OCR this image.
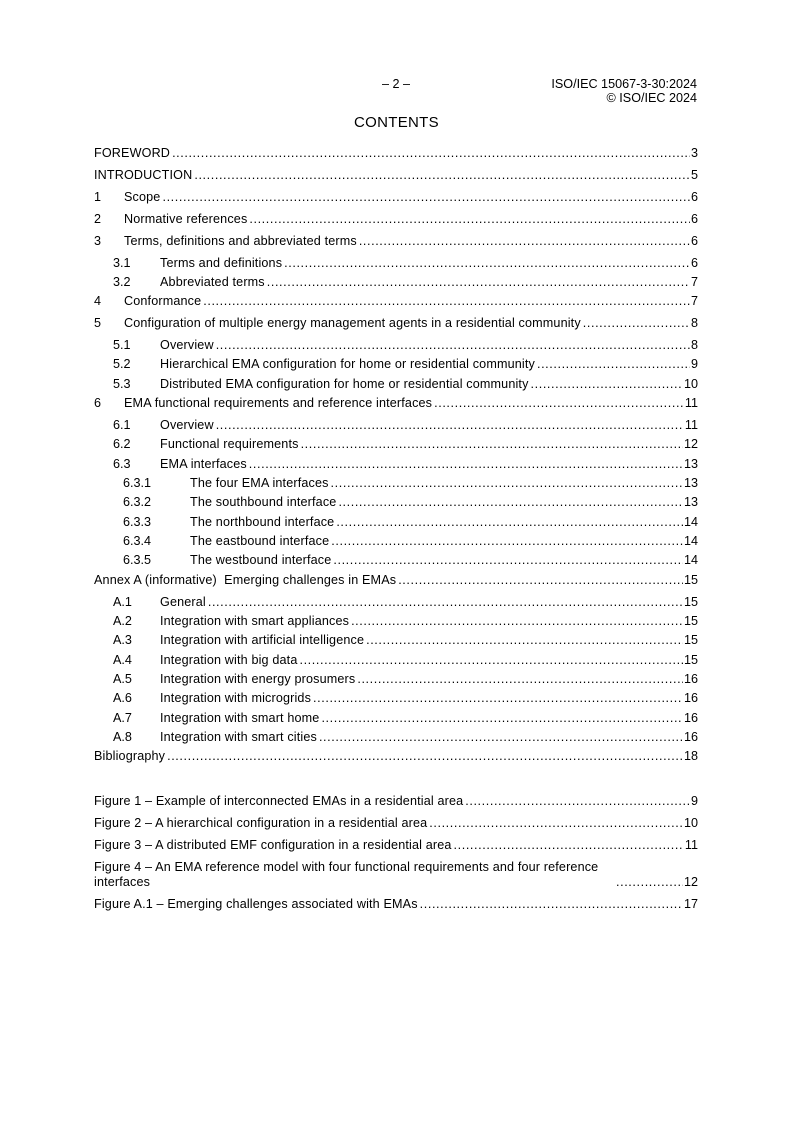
– 2 –	ISO/IEC 15067-3-30:2024
© ISO/IEC 2024
CONTENTS
FOREWORD .....	3
INTRODUCTION .....	5
1	Scope .....	6
2	Normative references .....	6
3	Terms, definitions and abbreviated terms .....	6
3.1	Terms and definitions .....	6
3.2	Abbreviated terms .....	7
4	Conformance .....	7
5	Configuration of multiple energy management agents in a residential community .....	8
5.1	Overview .....	8
5.2	Hierarchical EMA configuration for home or residential community .....	9
5.3	Distributed EMA configuration for home or residential community .....	10
6	EMA functional requirements and reference interfaces .....	11
6.1	Overview .....	11
6.2	Functional requirements .....	12
6.3	EMA interfaces .....	13
6.3.1	The four EMA interfaces .....	13
6.3.2	The southbound interface .....	13
6.3.3	The northbound interface .....	14
6.3.4	The eastbound interface .....	14
6.3.5	The westbound interface .....	14
Annex A (informative)  Emerging challenges in EMAs .....	15
A.1	General .....	15
A.2	Integration with smart appliances .....	15
A.3	Integration with artificial intelligence .....	15
A.4	Integration with big data .....	15
A.5	Integration with energy prosumers .....	16
A.6	Integration with microgrids .....	16
A.7	Integration with smart home .....	16
A.8	Integration with smart cities .....	16
Bibliography .....	18
Figure 1 – Example of interconnected EMAs in a residential area .....	9
Figure 2 – A hierarchical configuration in a residential area .....	10
Figure 3 – A distributed EMF configuration in a residential area .....	11
Figure 4 – An EMA reference model with four functional requirements and four reference interfaces .....	12
Figure A.1 – Emerging challenges associated with EMAs .....	17
